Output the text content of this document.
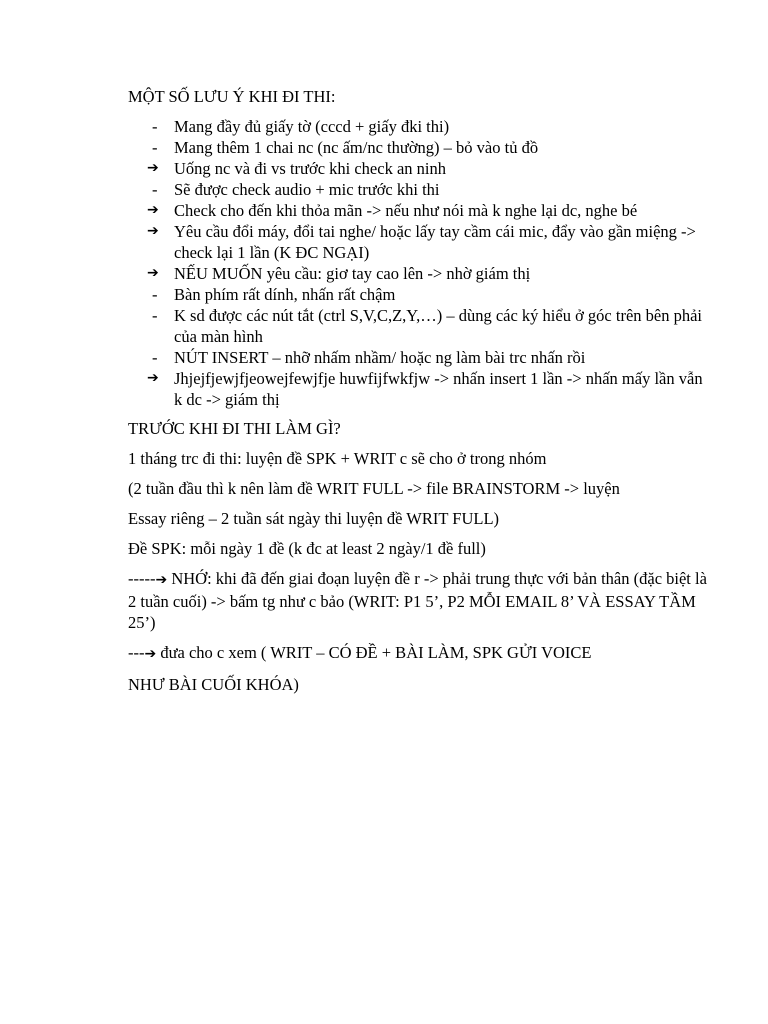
MỘT SỐ LƯU Ý KHI ĐI THI:
-	Mang đầy đủ giấy tờ (cccd + giấy đki thi)
-	Mang thêm 1 chai nc (nc ấm/nc thường) – bỏ vào tủ đồ
➔ Uống nc và đi vs trước khi check an ninh
-	Sẽ được check audio + mic trước khi thi
➔ Check cho đến khi thỏa mãn -> nếu như nói mà k nghe lại dc, nghe bé
➔ Yêu cầu đổi máy, đổi tai nghe/ hoặc lấy tay cầm cái mic, đẩy vào gần miệng -> check lại 1 lần (K ĐC NGẠI)
➔ NẾU MUỐN yêu cầu: giơ tay cao lên -> nhờ giám thị
-	Bàn phím rất dính, nhấn rất chậm
-	K sd được các nút tắt (ctrl S,V,C,Z,Y,…) – dùng các ký hiểu ở góc trên bên phải của màn hình
-	NÚT INSERT – nhỡ nhấm nhầm/ hoặc ng làm bài trc nhấn rồi
➔ Jhjejfjewjfjeowejfewjfje huwfijfwkfjw -> nhấn insert 1 lần -> nhấn mấy lần vẫn k dc -> giám thị
TRƯỚC KHI ĐI THI LÀM GÌ?

1 tháng trc đi thi: luyện đề SPK + WRIT c sẽ cho ở trong nhóm

(2 tuần đầu thì k nên làm đề WRIT FULL -> file BRAINSTORM -> luyện

Essay riêng – 2 tuần sát ngày thi luyện đề WRIT FULL)

Đề SPK: mỗi ngày 1 đề (k đc at least 2 ngày/1 đề full)

-----➔ NHỚ: khi đã đến giai đoạn luyện đề r -> phải trung thực với bản thân (đặc biệt là 2 tuần cuối) -> bấm tg như c bảo (WRIT: P1 5’, P2 MỖI EMAIL 8’ VÀ ESSAY TẦM 25’)

---➔ đưa cho c xem ( WRIT – CÓ ĐỀ + BÀI LÀM, SPK GỬI VOICE

NHƯ BÀI CUỐI KHÓA)
